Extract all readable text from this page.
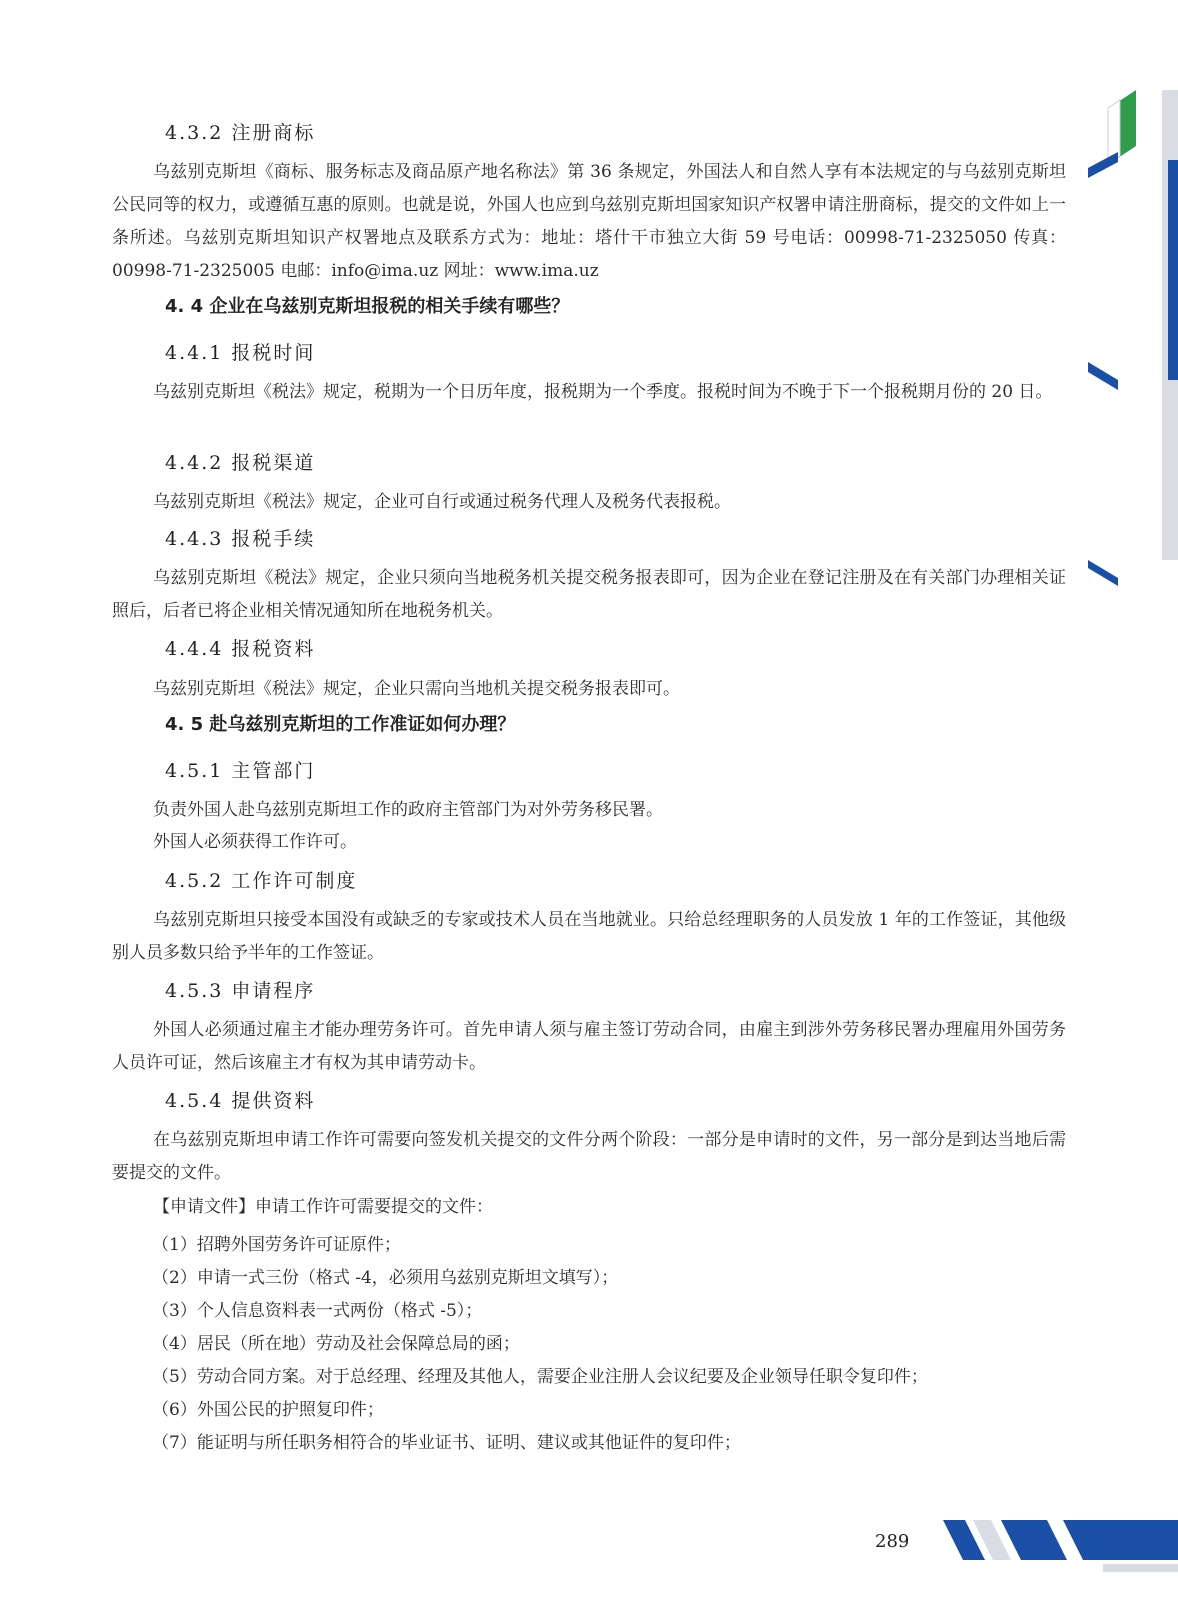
4.3.2 注册商标

乌兹别克斯坦《商标、服务标志及商品原产地名称法》第 36 条规定，外国法人和自然人享有本法规定的与乌兹别克斯坦公民同等的权力，或遵循互惠的原则。也就是说，外国人也应到乌兹别克斯坦国家知识产权署申请注册商标，提交的文件如上一条所述。乌兹别克斯坦知识产权署地点及联系方式为：地址：塔什干市独立大街 59 号电话：00998-71-2325050 传真：00998-71-2325005 电邮：info@ima.uz 网址：www.ima.uz

4. 4 企业在乌兹别克斯坦报税的相关手续有哪些？

4.4.1 报税时间

乌兹别克斯坦《税法》规定，税期为一个日历年度，报税期为一个季度。报税时间为不晚于下一个报税期月份的 20 日。

4.4.2 报税渠道

乌兹别克斯坦《税法》规定，企业可自行或通过税务代理人及税务代表报税。

4.4.3 报税手续

乌兹别克斯坦《税法》规定，企业只须向当地税务机关提交税务报表即可，因为企业在登记注册及在有关部门办理相关证照后，后者已将企业相关情况通知所在地税务机关。

4.4.4 报税资料

乌兹别克斯坦《税法》规定，企业只需向当地机关提交税务报表即可。

4. 5 赴乌兹别克斯坦的工作准证如何办理？

4.5.1 主管部门

负责外国人赴乌兹别克斯坦工作的政府主管部门为对外劳务移民署。

外国人必须获得工作许可。

4.5.2 工作许可制度

乌兹别克斯坦只接受本国没有或缺乏的专家或技术人员在当地就业。只给总经理职务的人员发放 1 年的工作签证，其他级别人员多数只给予半年的工作签证。

4.5.3 申请程序

外国人必须通过雇主才能办理劳务许可。首先申请人须与雇主签订劳动合同，由雇主到涉外劳务移民署办理雇用外国劳务人员许可证，然后该雇主才有权为其申请劳动卡。

4.5.4 提供资料

在乌兹别克斯坦申请工作许可需要向签发机关提交的文件分两个阶段：一部分是申请时的文件，另一部分是到达当地后需要提交的文件。

【申请文件】申请工作许可需要提交的文件：

（1）招聘外国劳务许可证原件；

（2）申请一式三份（格式 -4，必须用乌兹别克斯坦文填写）；

（3）个人信息资料表一式两份（格式 -5）；

（4）居民（所在地）劳动及社会保障总局的函；

（5）劳动合同方案。对于总经理、经理及其他人，需要企业注册人会议纪要及企业领导任职令复印件；

（6）外国公民的护照复印件；

（7）能证明与所任职务相符合的毕业证书、证明、建议或其他证件的复印件；

289
